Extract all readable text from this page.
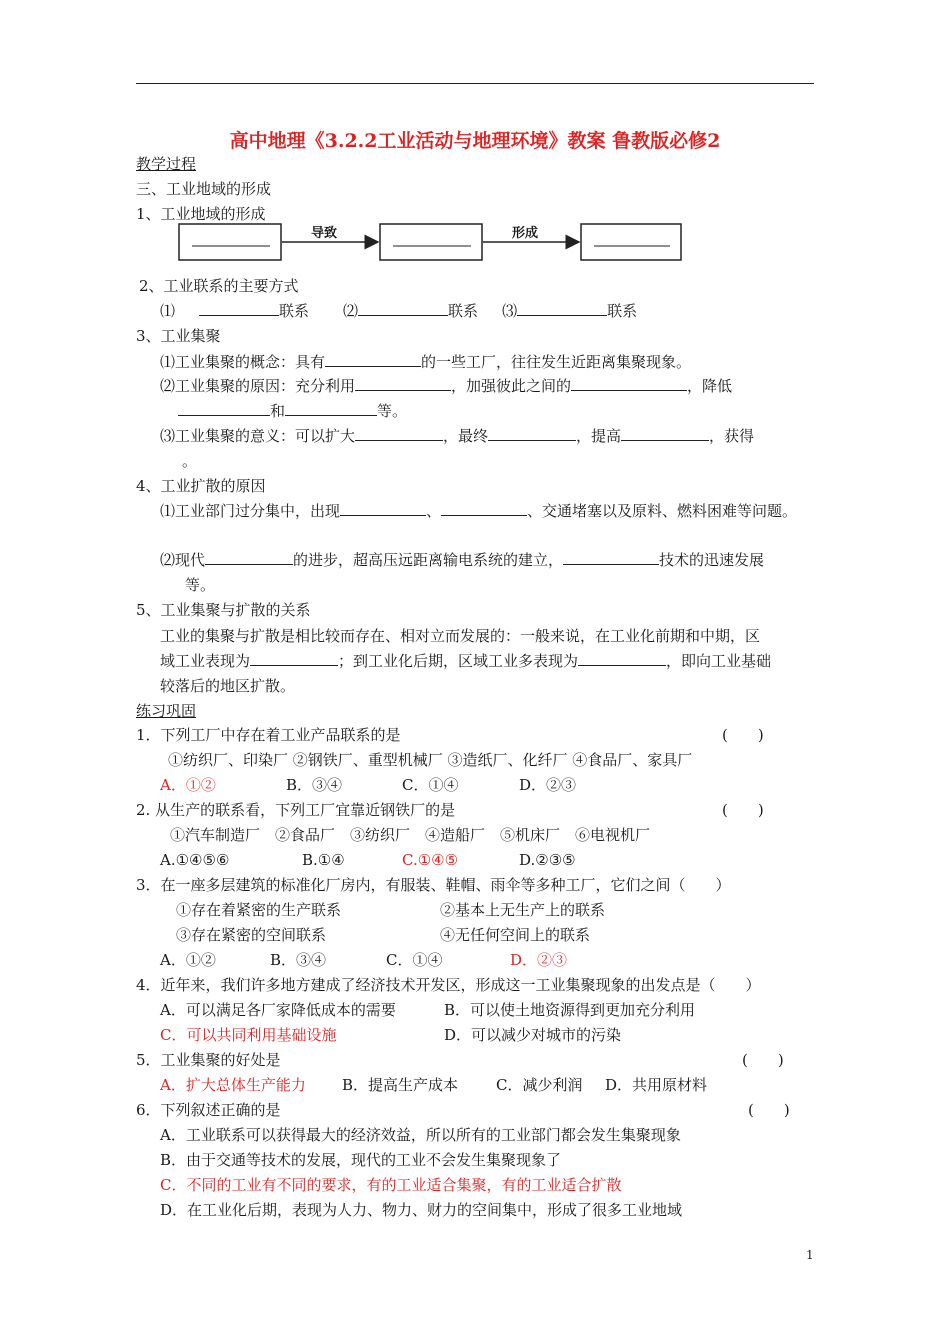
高中地理《3.2.2工业活动与地理环境》教案 鲁教版必修2
教学过程
三、工业地域的形成
1、工业地域的形成
导致	形成
2、工业联系的主要方式
⑴	联系 ⑵	联系 ⑶	联系
3、工业集聚
⑴工业集聚的概念：具有	的一些工厂，往往发生近距离集聚现象。
⑵工业集聚的原因：充分利用	，加强彼此之间的	，降低
和	等。
⑶工业集聚的意义：可以扩大	，最终	，提高	，获得
。
4、工业扩散的原因
⑴工业部门过分集中，出现	、	、交通堵塞以及原料、燃料困难等问题。
⑵现代	的进步，超高压远距离输电系统的建立，	技术的迅速发展
等。
5、工业集聚与扩散的关系
工业的集聚与扩散是相比较而存在、相对立而发展的：一般来说，在工业化前期和中期，区
域工业表现为	；到工业化后期，区域工业多表现为	，即向工业基础
较落后的地区扩散。
练习巩固
1．下列工厂中存在着工业产品联系的是	(　　)
①纺织厂、印染厂 ②钢铁厂、重型机械厂 ③造纸厂、化纤厂 ④食品厂、家具厂
A．①②	B．③④	C．①④	D．②③
2. 从生产的联系看，下列工厂宜靠近钢铁厂的是	(　　)
①汽车制造厂　②食品厂　③纺织厂　④造船厂　⑤机床厂　⑥电视机厂
A.①④⑤⑥	B.①④	C.①④⑤	D.②③⑤
3．在一座多层建筑的标准化厂房内，有服装、鞋帽、雨伞等多种工厂，它们之间（　　）
①存在着紧密的生产联系	②基本上无生产上的联系
③存在紧密的空间联系	④无任何空间上的联系
A．①②	B．③④	C．①④	D．②③
4．近年来，我们许多地方建成了经济技术开发区，形成这一工业集聚现象的出发点是（　　）
A．可以满足各厂家降低成本的需要	B．可以使土地资源得到更加充分利用
C．可以共同利用基础设施	D．可以减少对城市的污染
5．工业集聚的好处是	(　　)
A．扩大总体生产能力 B．提高生产成本	C．减少利润 D．共用原材料
6．下列叙述正确的是	(　　)
A．工业联系可以获得最大的经济效益，所以所有的工业部门都会发生集聚现象
B．由于交通等技术的发展，现代的工业不会发生集聚现象了
C．不同的工业有不同的要求，有的工业适合集聚，有的工业适合扩散
D．在工业化后期，表现为人力、物力、财力的空间集中，形成了很多工业地域
1
